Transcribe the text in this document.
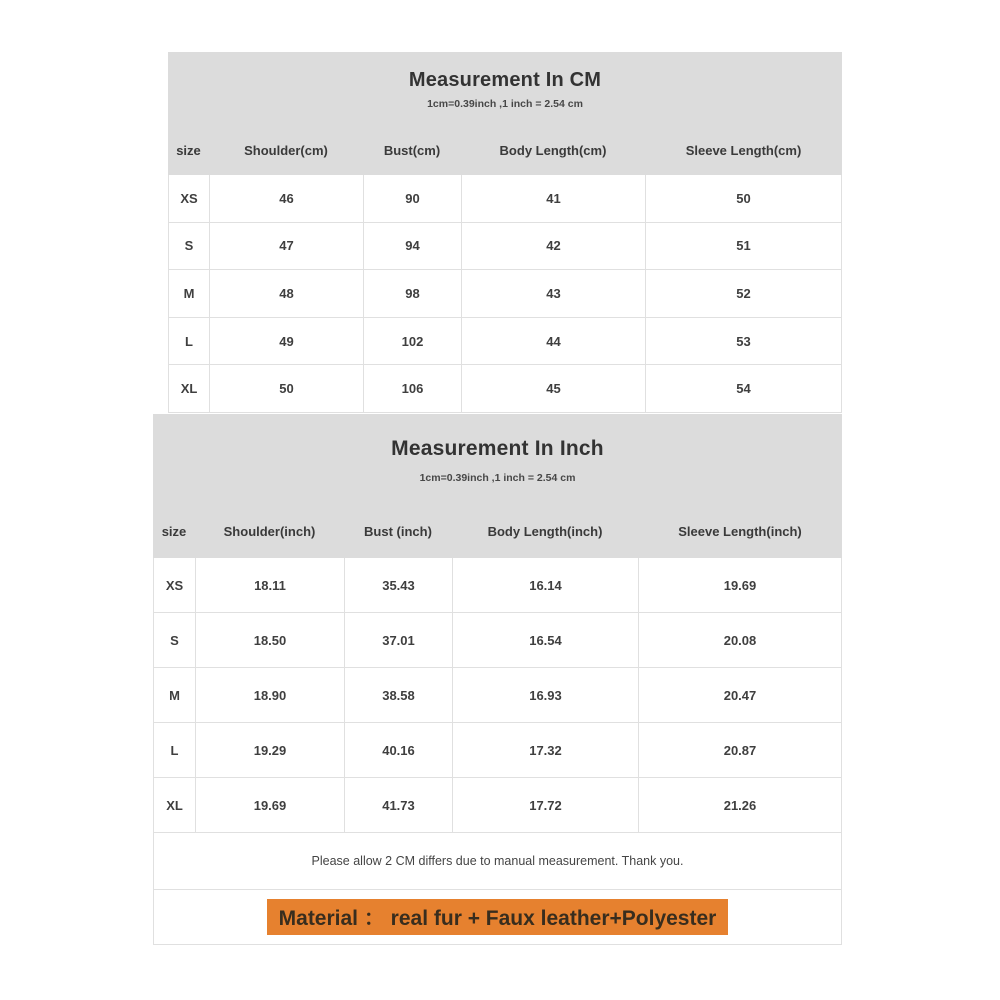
Measurement In CM
1cm=0.39inch ,1 inch = 2.54 cm
size	Shoulder(cm)	Bust(cm)	Body Length(cm)	Sleeve Length(cm)
XS	46	90	41	50
S	47	94	42	51
M	48	98	43	52
L	49	102	44	53
XL	50	106	45	54
Measurement In Inch
1cm=0.39inch ,1 inch = 2.54 cm
size	Shoulder(inch)	Bust (inch)	Body Length(inch)	Sleeve Length(inch)
XS	18.11	35.43	16.14	19.69
S	18.50	37.01	16.54	20.08
M	18.90	38.58	16.93	20.47
L	19.29	40.16	17.32	20.87
XL	19.69	41.73	17.72	21.26
Please allow 2 CM differs due to manual measurement. Thank you.
Material ： real fur + Faux leather+Polyester
